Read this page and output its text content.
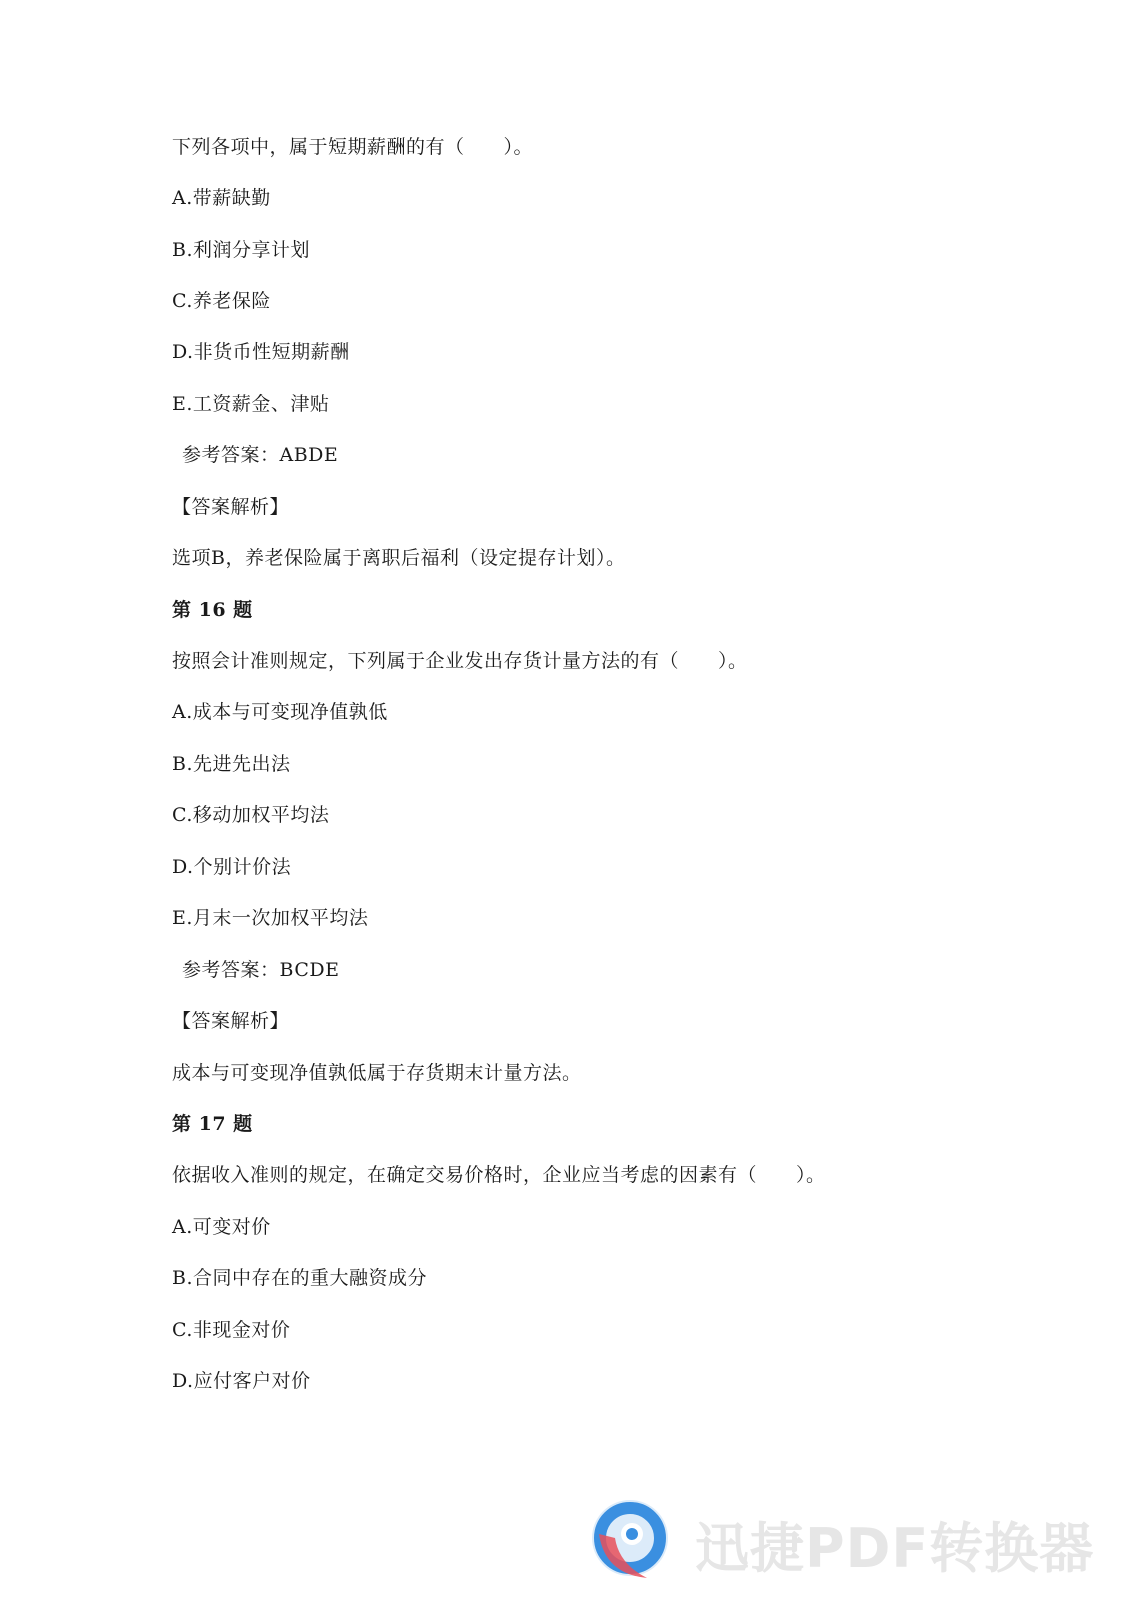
下列各项中，属于短期薪酬的有（　　）。
A.带薪缺勤
B.利润分享计划
C.养老保险
D.非货币性短期薪酬
E.工资薪金、津贴
参考答案：ABDE
【答案解析】
选项B，养老保险属于离职后福利（设定提存计划）。
第 16 题
按照会计准则规定，下列属于企业发出存货计量方法的有（　　）。
A.成本与可变现净值孰低
B.先进先出法
C.移动加权平均法
D.个别计价法
E.月末一次加权平均法
参考答案：BCDE
【答案解析】
成本与可变现净值孰低属于存货期末计量方法。
第 17 题
依据收入准则的规定，在确定交易价格时，企业应当考虑的因素有（　　）。
A.可变对价
B.合同中存在的重大融资成分
C.非现金对价
D.应付客户对价
迅捷PDF转换器
